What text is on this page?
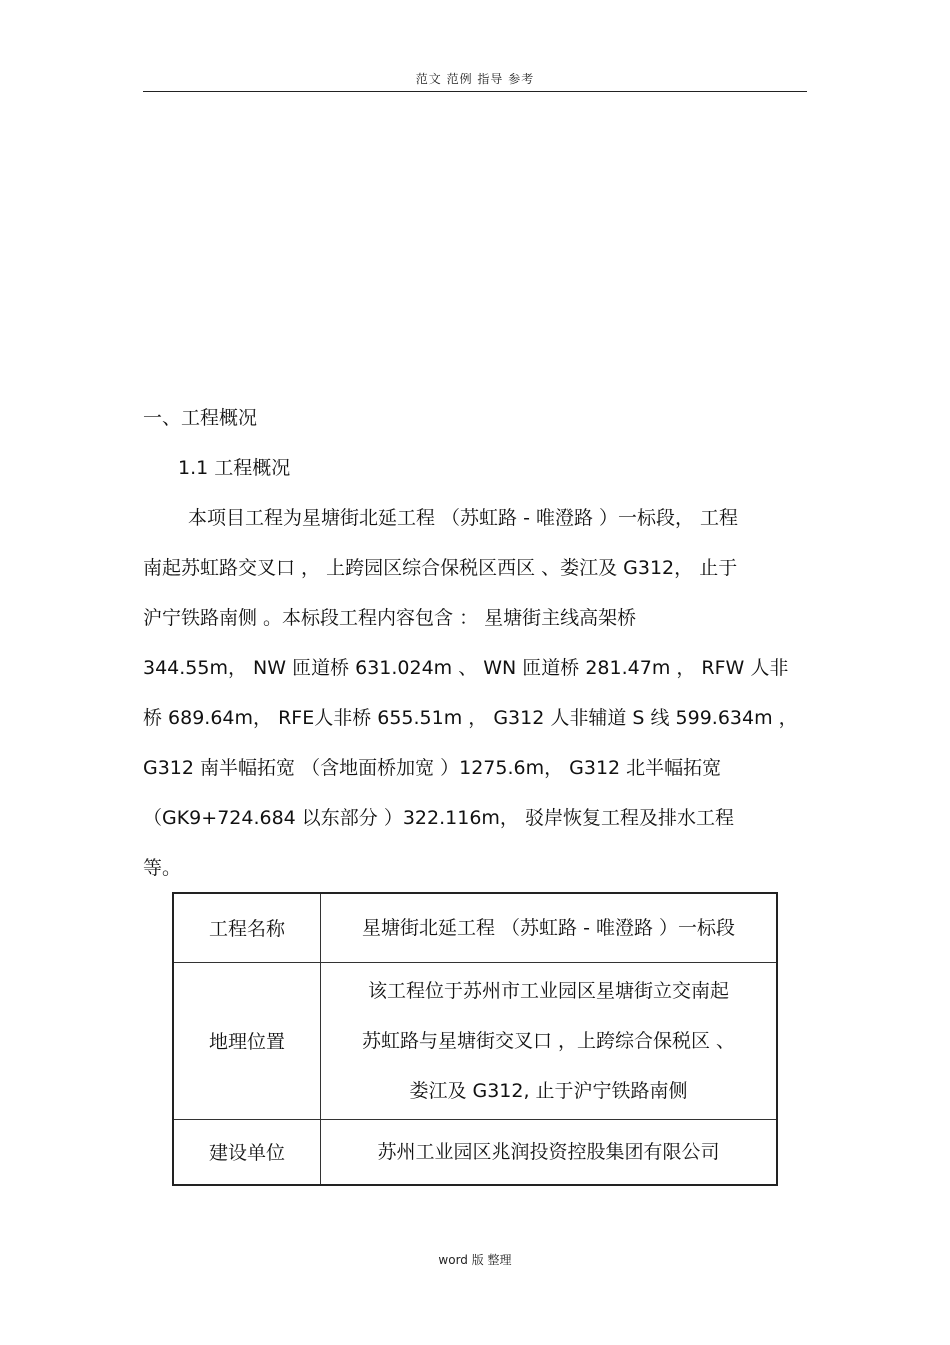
范文 范例 指导 参考
一、工程概况
1.1 工程概况
本项目工程为星塘街北延工程 （苏虹路 - 唯澄路 ）一标段， 工程
南起苏虹路交叉口 ， 上跨园区综合保税区西区 、娄江及 G312， 止于
沪宁铁路南侧 。本标段工程内容包含 ： 星塘街主线高架桥
344.55m， NW 匝道桥 631.024m 、 WN 匝道桥 281.47m ， RFW 人非
桥 689.64m， RFE人非桥 655.51m ， G312 人非辅道 S 线 599.634m ，
G312 南半幅拓宽 （含地面桥加宽 ）1275.6m， G312 北半幅拓宽
（GK9+724.684 以东部分 ）322.116m， 驳岸恢复工程及排水工程
等。
工程名称	星塘街北延工程 （苏虹路 - 唯澄路 ）一标段

地理位置	该工程位于苏州市工业园区星塘街立交南起
苏虹路与星塘街交叉口 ，上跨综合保税区 、
娄江及 G312, 止于沪宁铁路南侧

建设单位	苏州工业园区兆润投资控股集团有限公司
word 版 整理
